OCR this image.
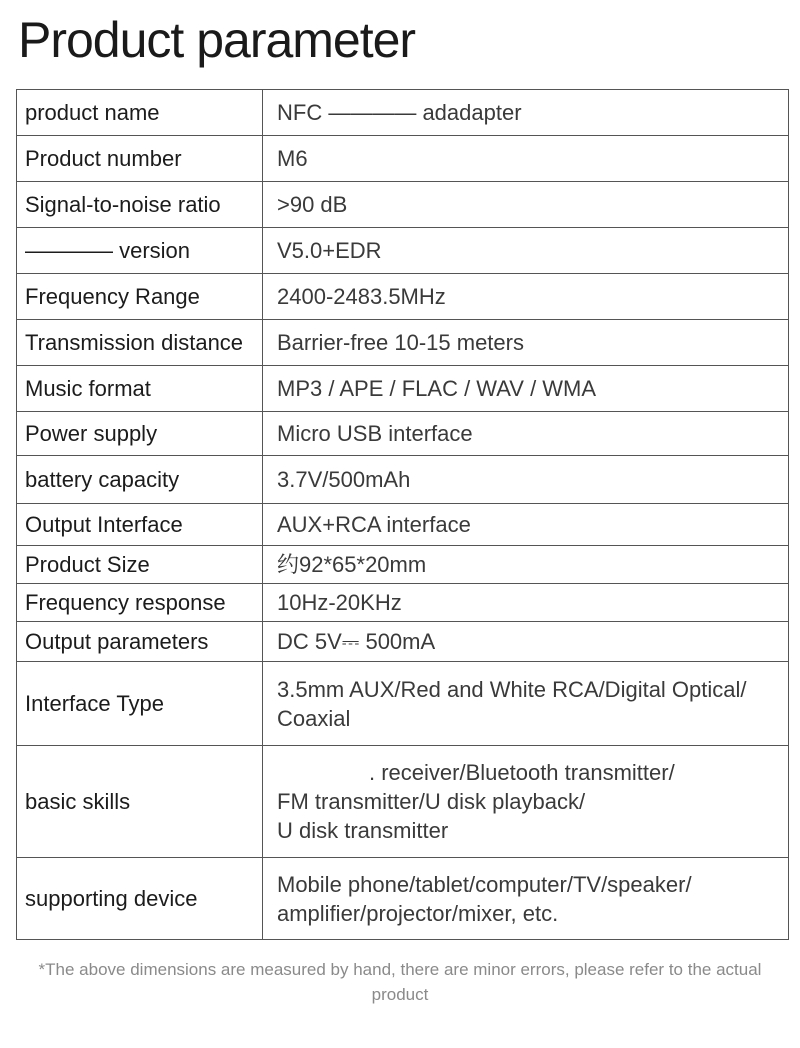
Product parameter
product name	NFC ———— adadapter
Product number	M6
Signal-to-noise ratio	>90 dB
———— version	V5.0+EDR
Frequency Range	2400-2483.5MHz
Transmission distance	Barrier-free 10-15 meters
Music format	MP3 / APE / FLAC / WAV / WMA
Power supply	Micro USB interface
battery capacity	3.7V/500mAh
Output Interface	AUX+RCA interface
Product Size	约92*65*20mm
Frequency response	10Hz-20KHz
Output parameters	DC 5V⎓ 500mA
Interface Type	3.5mm AUX/Red and White RCA/Digital Optical/
Coaxial

basic skills	. receiver/Bluetooth transmitter/
FM transmitter/U disk playback/
U disk transmitter

supporting device	Mobile phone/tablet/computer/TV/speaker/
amplifier/projector/mixer, etc.

*The above dimensions are measured by hand, there are minor errors, please refer to the actual product
